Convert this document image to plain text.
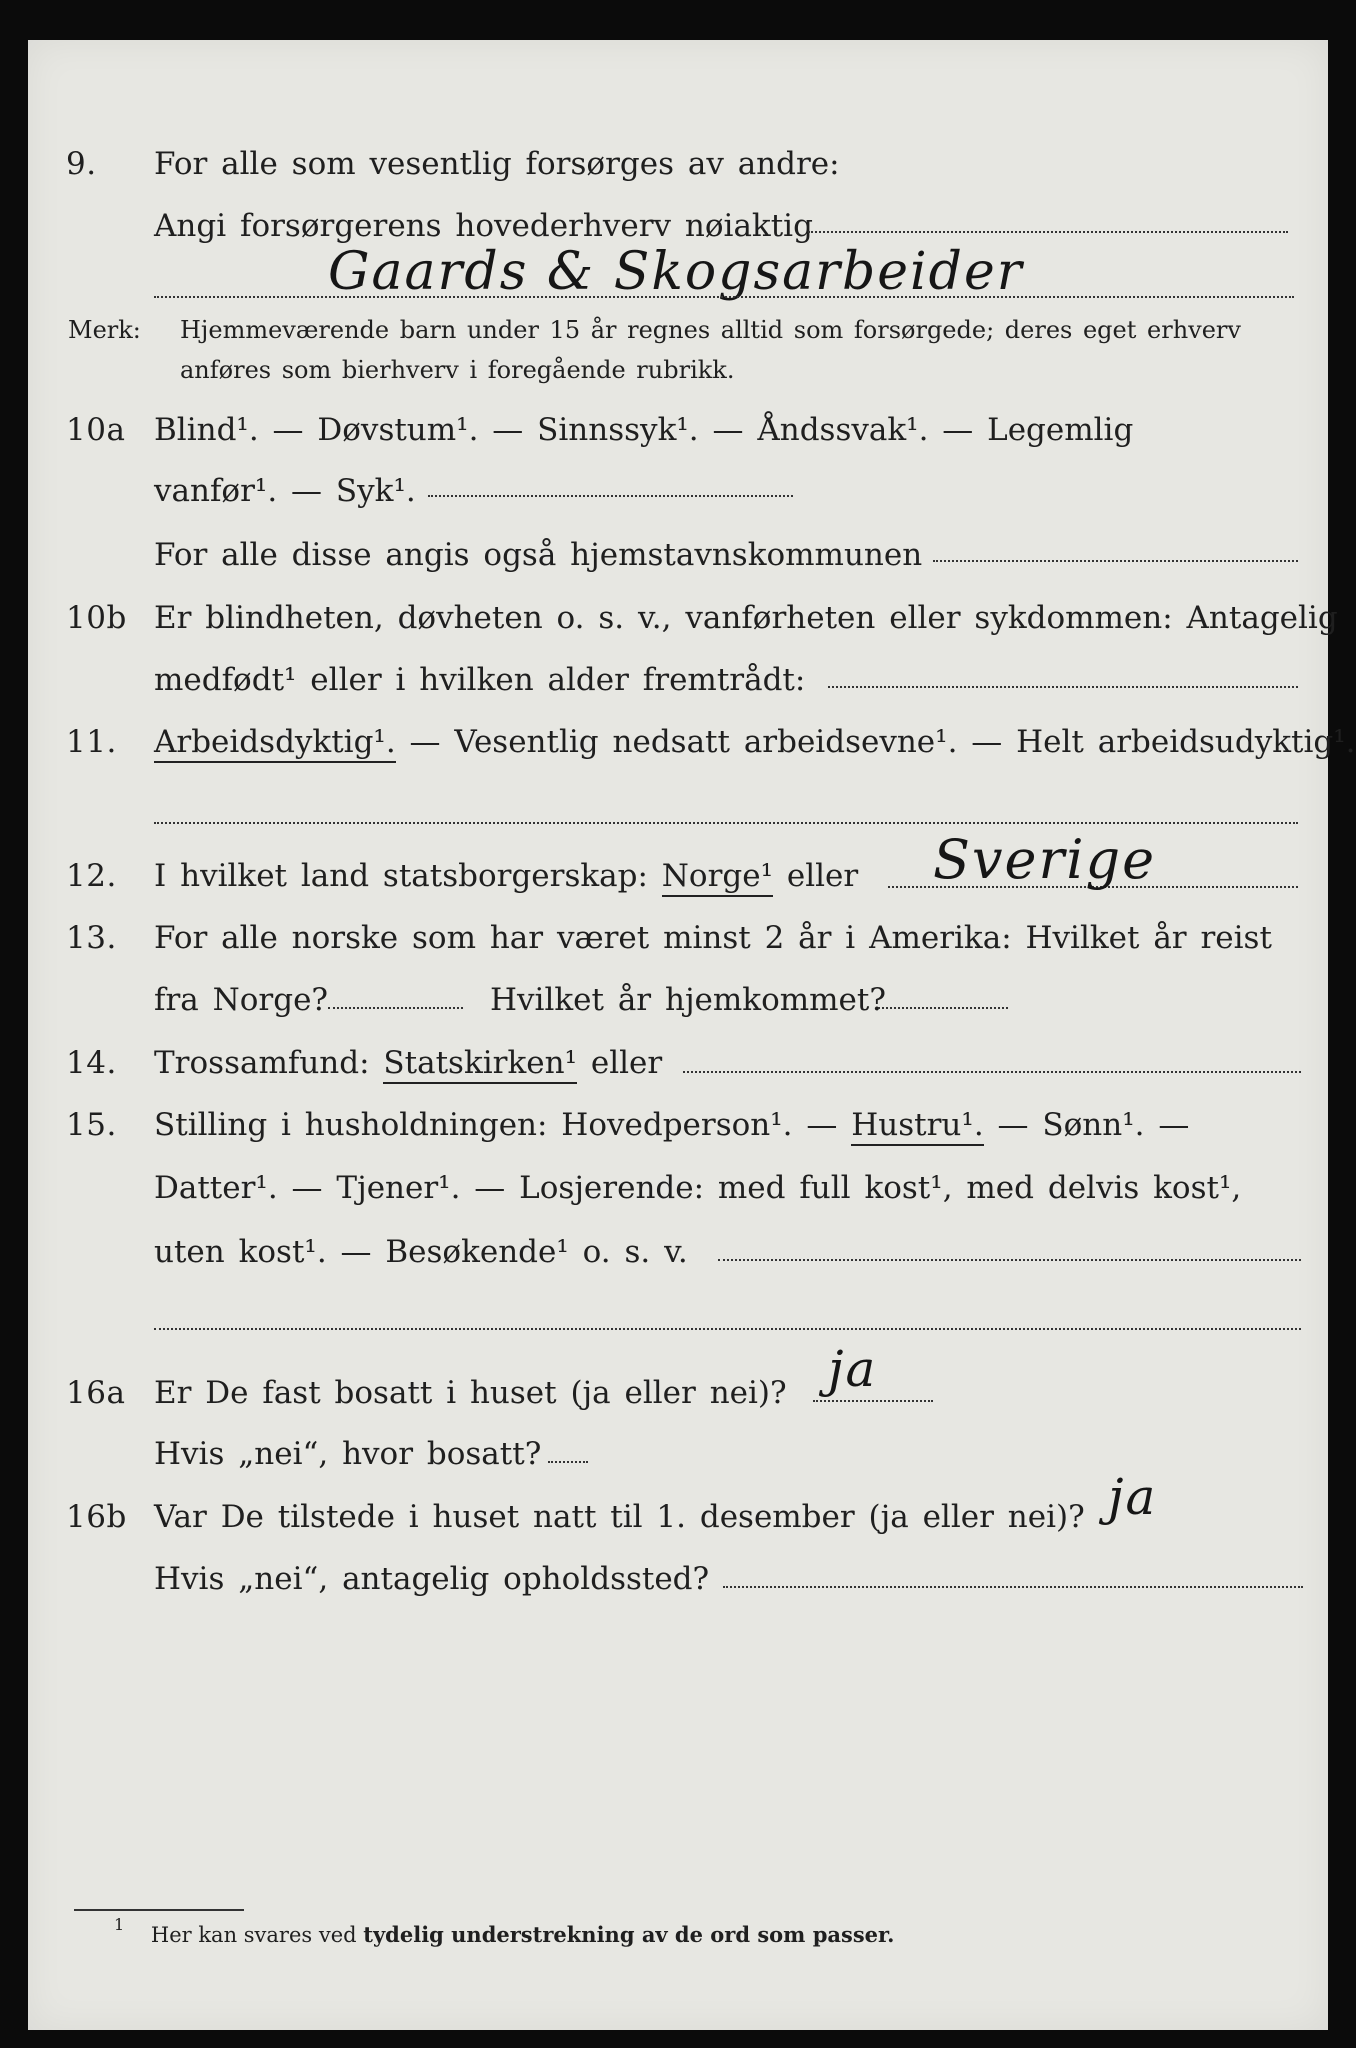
9. For alle som vesentlig forsørges av andre:
Angi forsørgerens hovederhverv nøiaktig
Gaards & Skogsarbeider
Merk: Hjemmeværende barn under 15 år regnes alltid som forsørgede; deres eget erhverv
anføres som bierhverv i foregående rubrikk.
10a Blind¹. — Døvstum¹. — Sinnssyk¹. — Åndssvak¹. — Legemlig
vanfør¹. — Syk¹.
For alle disse angis også hjemstavnskommunen
10b Er blindheten, døvheten o. s. v., vanførheten eller sykdommen: Antagelig
medfødt¹ eller i hvilken alder fremtrådt:
11. Arbeidsdyktig¹. — Vesentlig nedsatt arbeidsevne¹. — Helt arbeidsudyktig¹.
12. I hvilket land statsborgerskap: Norge¹ eller Sverige
13. For alle norske som har været minst 2 år i Amerika: Hvilket år reist
fra Norge?	Hvilket år hjemkommet?
14. Trossamfund: Statskirken¹ eller
15. Stilling i husholdningen: Hovedperson¹. — Hustru¹. — Sønn¹. —
Datter¹. — Tjener¹. — Losjerende: med full kost¹, med delvis kost¹,
uten kost¹. — Besøkende¹ o. s. v.
16a Er De fast bosatt i huset (ja eller nei)? ja
Hvis „nei“, hvor bosatt?
16b Var De tilstede i huset natt til 1. desember (ja eller nei)? ja
Hvis „nei“, antagelig opholdssted?
$^1$ Her kan svares ved tydelig understrekning av de ord som passer.
